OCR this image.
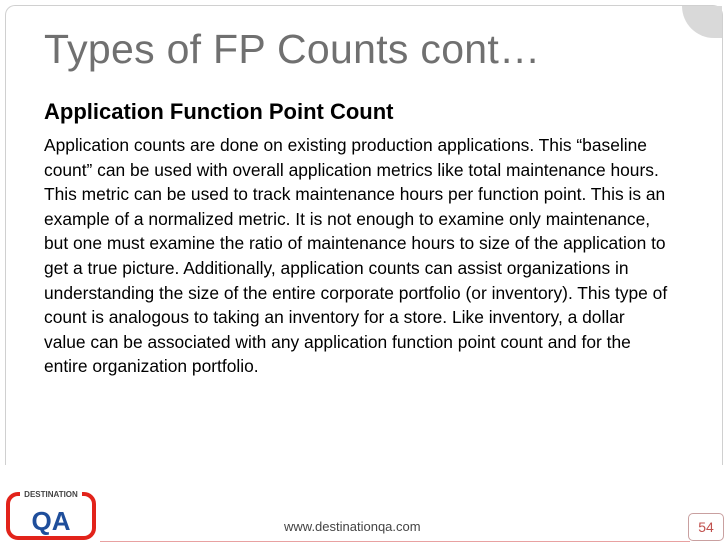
Types of FP Counts cont…
Application Function Point Count

Application counts are done on existing production applications. This “baseline count” can be used with overall application metrics like total maintenance hours. This metric can be used to track maintenance hours per function point. This is an example of a normalized metric. It is not enough to examine only maintenance, but one must examine the ratio of maintenance hours to size of the application to get a true picture. Additionally, application counts can assist organizations in understanding the size of the entire corporate portfolio (or inventory). This type of count is analogous to taking an inventory for a store. Like inventory, a dollar value can be associated with any application function point count and for the entire organization portfolio.

DESTINATION
QA	www.destinationqa.com	54
